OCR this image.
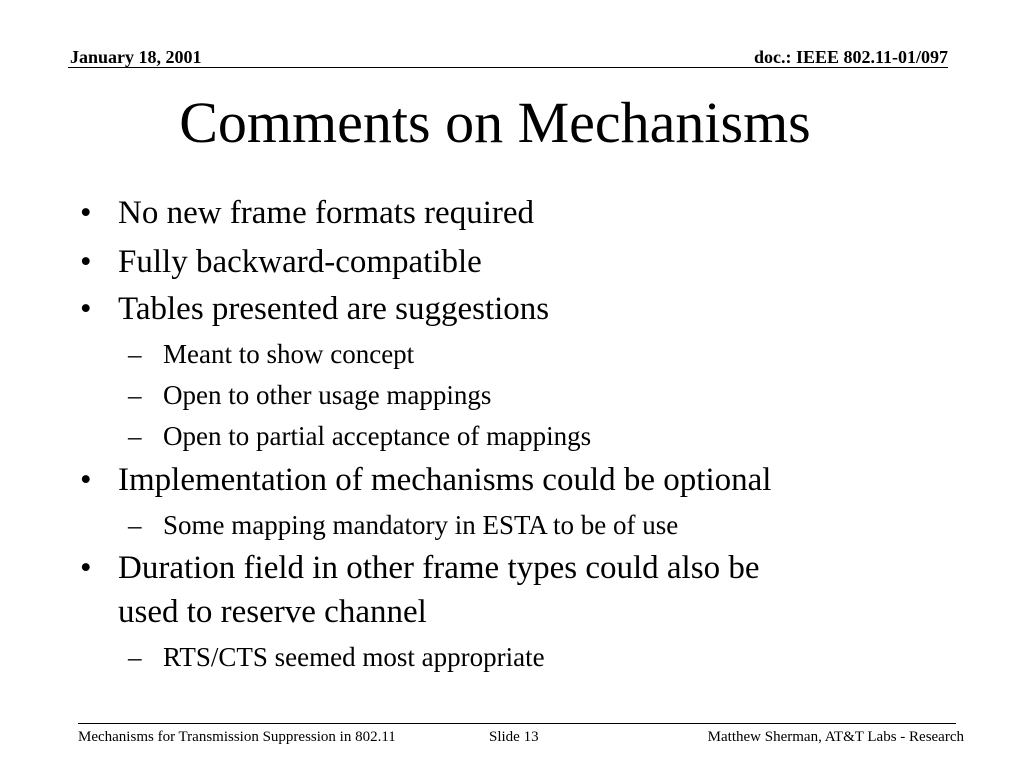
January 18, 2001	doc.: IEEE 802.11-01/097
Comments on Mechanisms
• No new frame formats required
• Fully backward-compatible
• Tables presented are suggestions
– Meant to show concept
– Open to other usage mappings
– Open to partial acceptance of mappings
• Implementation of mechanisms could be optional
– Some mapping mandatory in ESTA to be of use
• Duration field in other frame types could also be
used to reserve channel
– RTS/CTS seemed most appropriate
Mechanisms for Transmission Suppression in 802.11	Slide 13	Matthew Sherman, AT&T Labs - Research
